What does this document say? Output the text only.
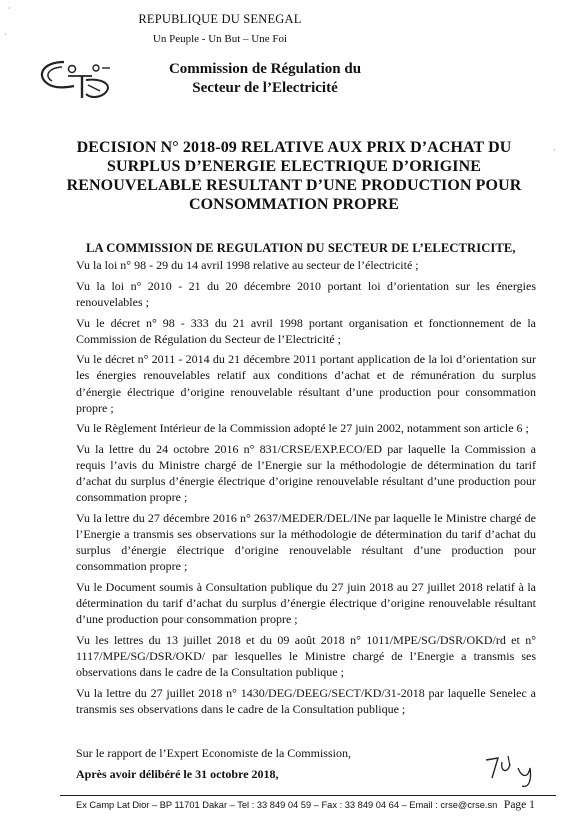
REPUBLIQUE DU SENEGAL
Un Peuple - Un But – Une Foi
Commission de Régulation du
Secteur de l’Electricité
DECISION N° 2018-09 RELATIVE AUX PRIX D’ACHAT DU
SURPLUS D’ENERGIE ELECTRIQUE D’ORIGINE
RENOUVELABLE RESULTANT D’UNE PRODUCTION POUR
CONSOMMATION PROPRE
LA COMMISSION DE REGULATION DU SECTEUR DE L’ELECTRICITE,

Vu la loi n° 98 - 29 du 14 avril 1998 relative au secteur de l’électricité ;

Vu la loi n° 2010 - 21 du 20 décembre 2010 portant loi d’orientation sur les énergies renouvelables ;

Vu le décret n° 98 - 333 du 21 avril 1998 portant organisation et fonctionnement de la Commission de Régulation du Secteur de l’Electricité ;

Vu le décret n° 2011 - 2014 du 21 décembre 2011 portant application de la loi d’orientation sur les énergies renouvelables relatif aux conditions d’achat et de rémunération du surplus d’énergie électrique d’origine renouvelable résultant d’une production pour consommation propre ;

Vu le Règlement Intérieur de la Commission adopté le 27 juin 2002, notamment son article 6 ;

Vu la lettre du 24 octobre 2016 n° 831/CRSE/EXP.ECO/ED par laquelle la Commission a requis l’avis du Ministre chargé de l’Energie sur la méthodologie de détermination du tarif d’achat du surplus d’énergie électrique d’origine renouvelable résultant d’une production pour consommation propre ;

Vu la lettre du 27 décembre 2016 n° 2637/MEDER/DEL/INe par laquelle le Ministre chargé de l’Energie a transmis ses observations sur la méthodologie de détermination du tarif d’achat du surplus d’énergie électrique d’origine renouvelable résultant d’une production pour consommation propre ;

Vu le Document soumis à Consultation publique du 27 juin 2018 au 27 juillet 2018 relatif à la détermination du tarif d’achat du surplus d’énergie électrique d’origine renouvelable résultant d’une production pour consommation propre ;

Vu les lettres du 13 juillet 2018 et du 09 août 2018 n° 1011/MPE/SG/DSR/OKD/rd et n° 1117/MPE/SG/DSR/OKD/ par lesquelles le Ministre chargé de l’Energie a transmis ses observations dans le cadre de la Consultation publique ;

Vu la lettre du 27 juillet 2018 n° 1430/DEG/DEEG/SECT/KD/31-2018 par laquelle Senelec a transmis ses observations dans le cadre de la Consultation publique ;

Sur le rapport de l’Expert Economiste de la Commission,

Après avoir délibéré le 31 octobre 2018,

Ex Camp Lat Dior – BP 11701 Dakar – Tel : 33 849 04 59 – Fax : 33 849 04 64 – Email : crse@crse.sn Page 1
·
·
·
